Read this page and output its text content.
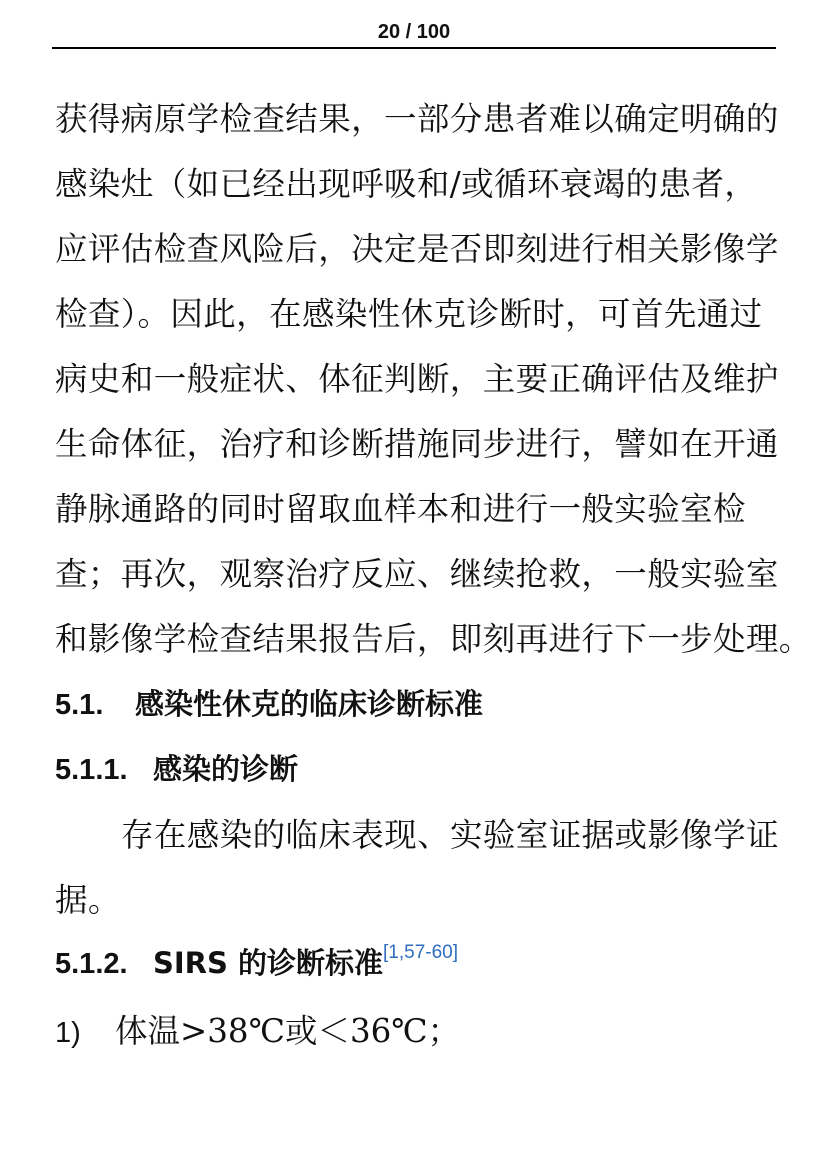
20 / 100
获得病原学检查结果，一部分患者难以确定明确的
感染灶（如已经出现呼吸和/或循环衰竭的患者，
应评估检查风险后，决定是否即刻进行相关影像学
检查）。因此，在感染性休克诊断时，可首先通过
病史和一般症状、体征判断，主要正确评估及维护
生命体征，治疗和诊断措施同步进行，譬如在开通
静脉通路的同时留取血样本和进行一般实验室检
查；再次，观察治疗反应、继续抢救，一般实验室
和影像学检查结果报告后，即刻再进行下一步处理。
5.1. 感染性休克的临床诊断标准
5.1.1. 感染的诊断
存在感染的临床表现、实验室证据或影像学证
据。
5.1.2. SIRS 的诊断标准[1,57-60]
1) 体温>38℃或＜36℃；
